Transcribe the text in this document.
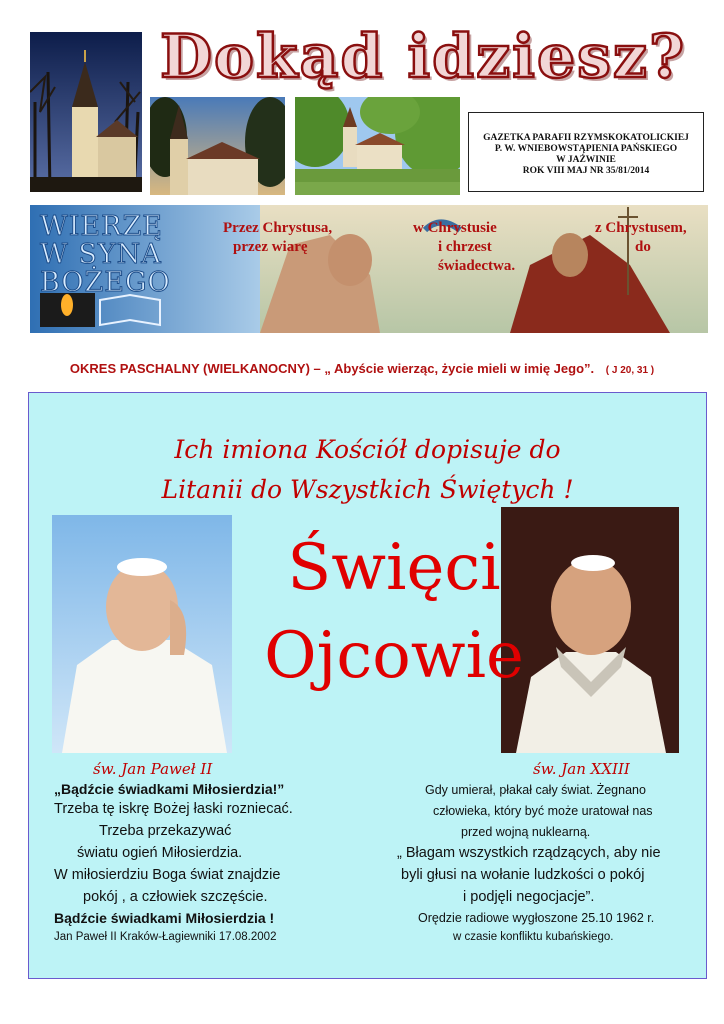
Dokąd idziesz?
GAZETKA PARAFII RZYMSKOKATOLICKIEJ
P. W. WNIEBOWSTĄPIENIA PAŃSKIEGO
W JAŹWINIE
ROK VIII MAJ NR 35/81/2014
WIERZĘ
W SYNA
BOŻEGO
Przez Chrystusa,
przez wiarę
w Chrystusie
i chrzest
świadectwa.
z Chrystusem,
do
OKRES PASCHALNY (WIELKANOCNY) – „ Abyście wierząc, życie mieli w imię Jego”. ( J 20, 31 )
Ich imiona Kościół dopisuje do
Litanii do Wszystkich Świętych !
Święci
Ojcowie
św. Jan Paweł II	św. Jan XXIII
„Bądźcie świadkami Miłosierdzia!”
Trzeba tę iskrę Bożej łaski rozniecać.
Trzeba przekazywać
światu ogień Miłosierdzia.
W miłosierdziu Boga świat znajdzie
pokój , a człowiek szczęście.
Bądźcie świadkami Miłosierdzia !
Jan Paweł II Kraków-Łagiewniki 17.08.2002
Gdy umierał, płakał cały świat. Żegnano
człowieka, który być może uratował nas
przed wojną nuklearną.
„ Błagam wszystkich rządzących, aby nie
byli głusi na wołanie ludzkości o pokój
i podjęli negocjacje”.
Orędzie radiowe wygłoszone 25.10 1962 r.
w czasie konfliktu kubańskiego.
